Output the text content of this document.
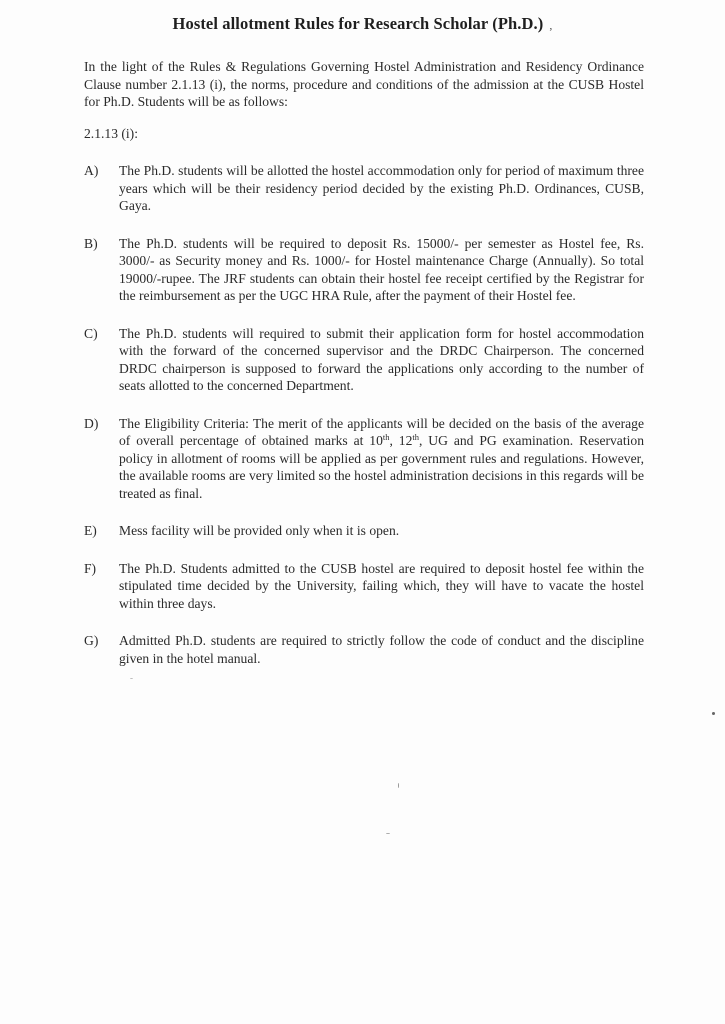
Hostel allotment Rules for Research Scholar (Ph.D.) ,
In the light of the Rules & Regulations Governing Hostel Administration and Residency Ordinance Clause number 2.1.13 (i), the norms, procedure and conditions of the admission at the CUSB Hostel for Ph.D. Students will be as follows:
2.1.13 (i):
A) The Ph.D. students will be allotted the hostel accommodation only for period of maximum three years which will be their residency period decided by the existing Ph.D. Ordinances, CUSB, Gaya.
B) The Ph.D. students will be required to deposit Rs. 15000/- per semester as Hostel fee, Rs. 3000/- as Security money and Rs. 1000/- for Hostel maintenance Charge (Annually). So total 19000/-rupee. The JRF students can obtain their hostel fee receipt certified by the Registrar for the reimbursement as per the UGC HRA Rule, after the payment of their Hostel fee.
C) The Ph.D. students will required to submit their application form for hostel accommodation with the forward of the concerned supervisor and the DRDC Chairperson. The concerned DRDC chairperson is supposed to forward the applications only according to the number of seats allotted to the concerned Department.
D) The Eligibility Criteria: The merit of the applicants will be decided on the basis of the average of overall percentage of obtained marks at 10th, 12th, UG and PG examination. Reservation policy in allotment of rooms will be applied as per government rules and regulations. However, the available rooms are very limited so the hostel administration decisions in this regards will be treated as final.
E) Mess facility will be provided only when it is open.
F) The Ph.D. Students admitted to the CUSB hostel are required to deposit hostel fee within the stipulated time decided by the University, failing which, they will have to vacate the hostel within three days.
G) Admitted Ph.D. students are required to strictly follow the code of conduct and the discipline given in the hotel manual.
